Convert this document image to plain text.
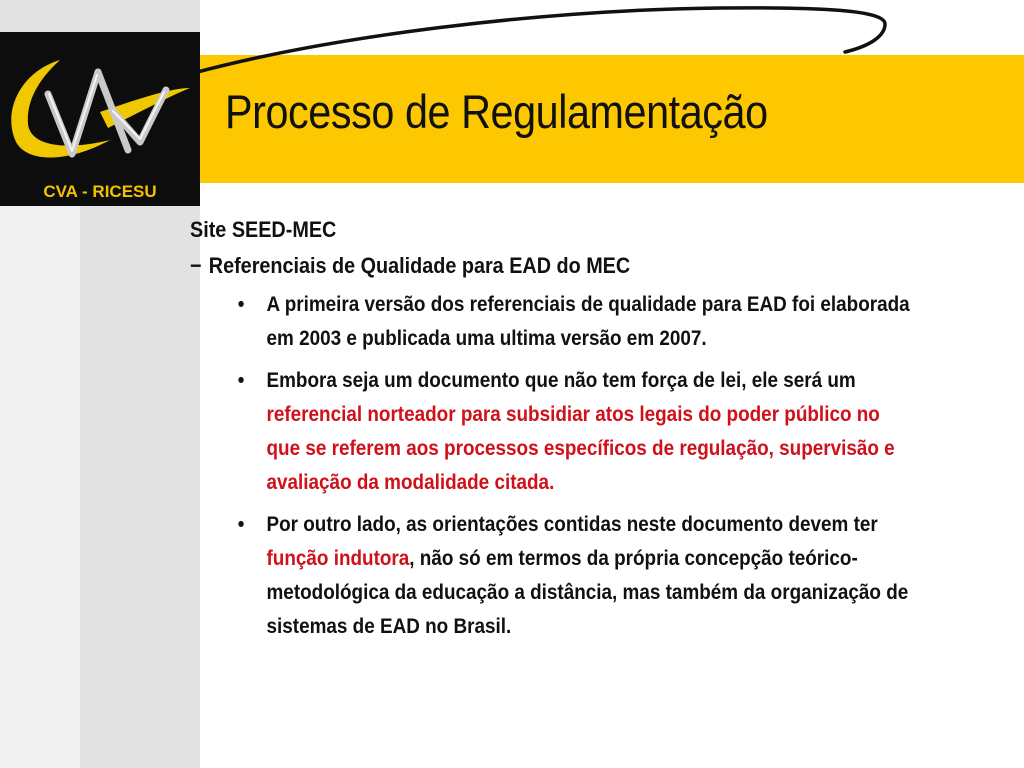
Processo de Regulamentação
CVA - RICESU

Site SEED-MEC

− Referenciais de Qualidade para EAD do MEC

• A primeira versão dos referenciais de qualidade para EAD foi elaborada em 2003 e publicada uma ultima versão em 2007.
• Embora seja um documento que não tem força de lei, ele será um referencial norteador para subsidiar atos legais do poder público no que se referem aos processos específicos de regulação, supervisão e avaliação da modalidade citada.
• Por outro lado, as orientações contidas neste documento devem ter função indutora, não só em termos da própria concepção teórico-metodológica da educação a distância, mas também da organização de sistemas de EAD no Brasil.
